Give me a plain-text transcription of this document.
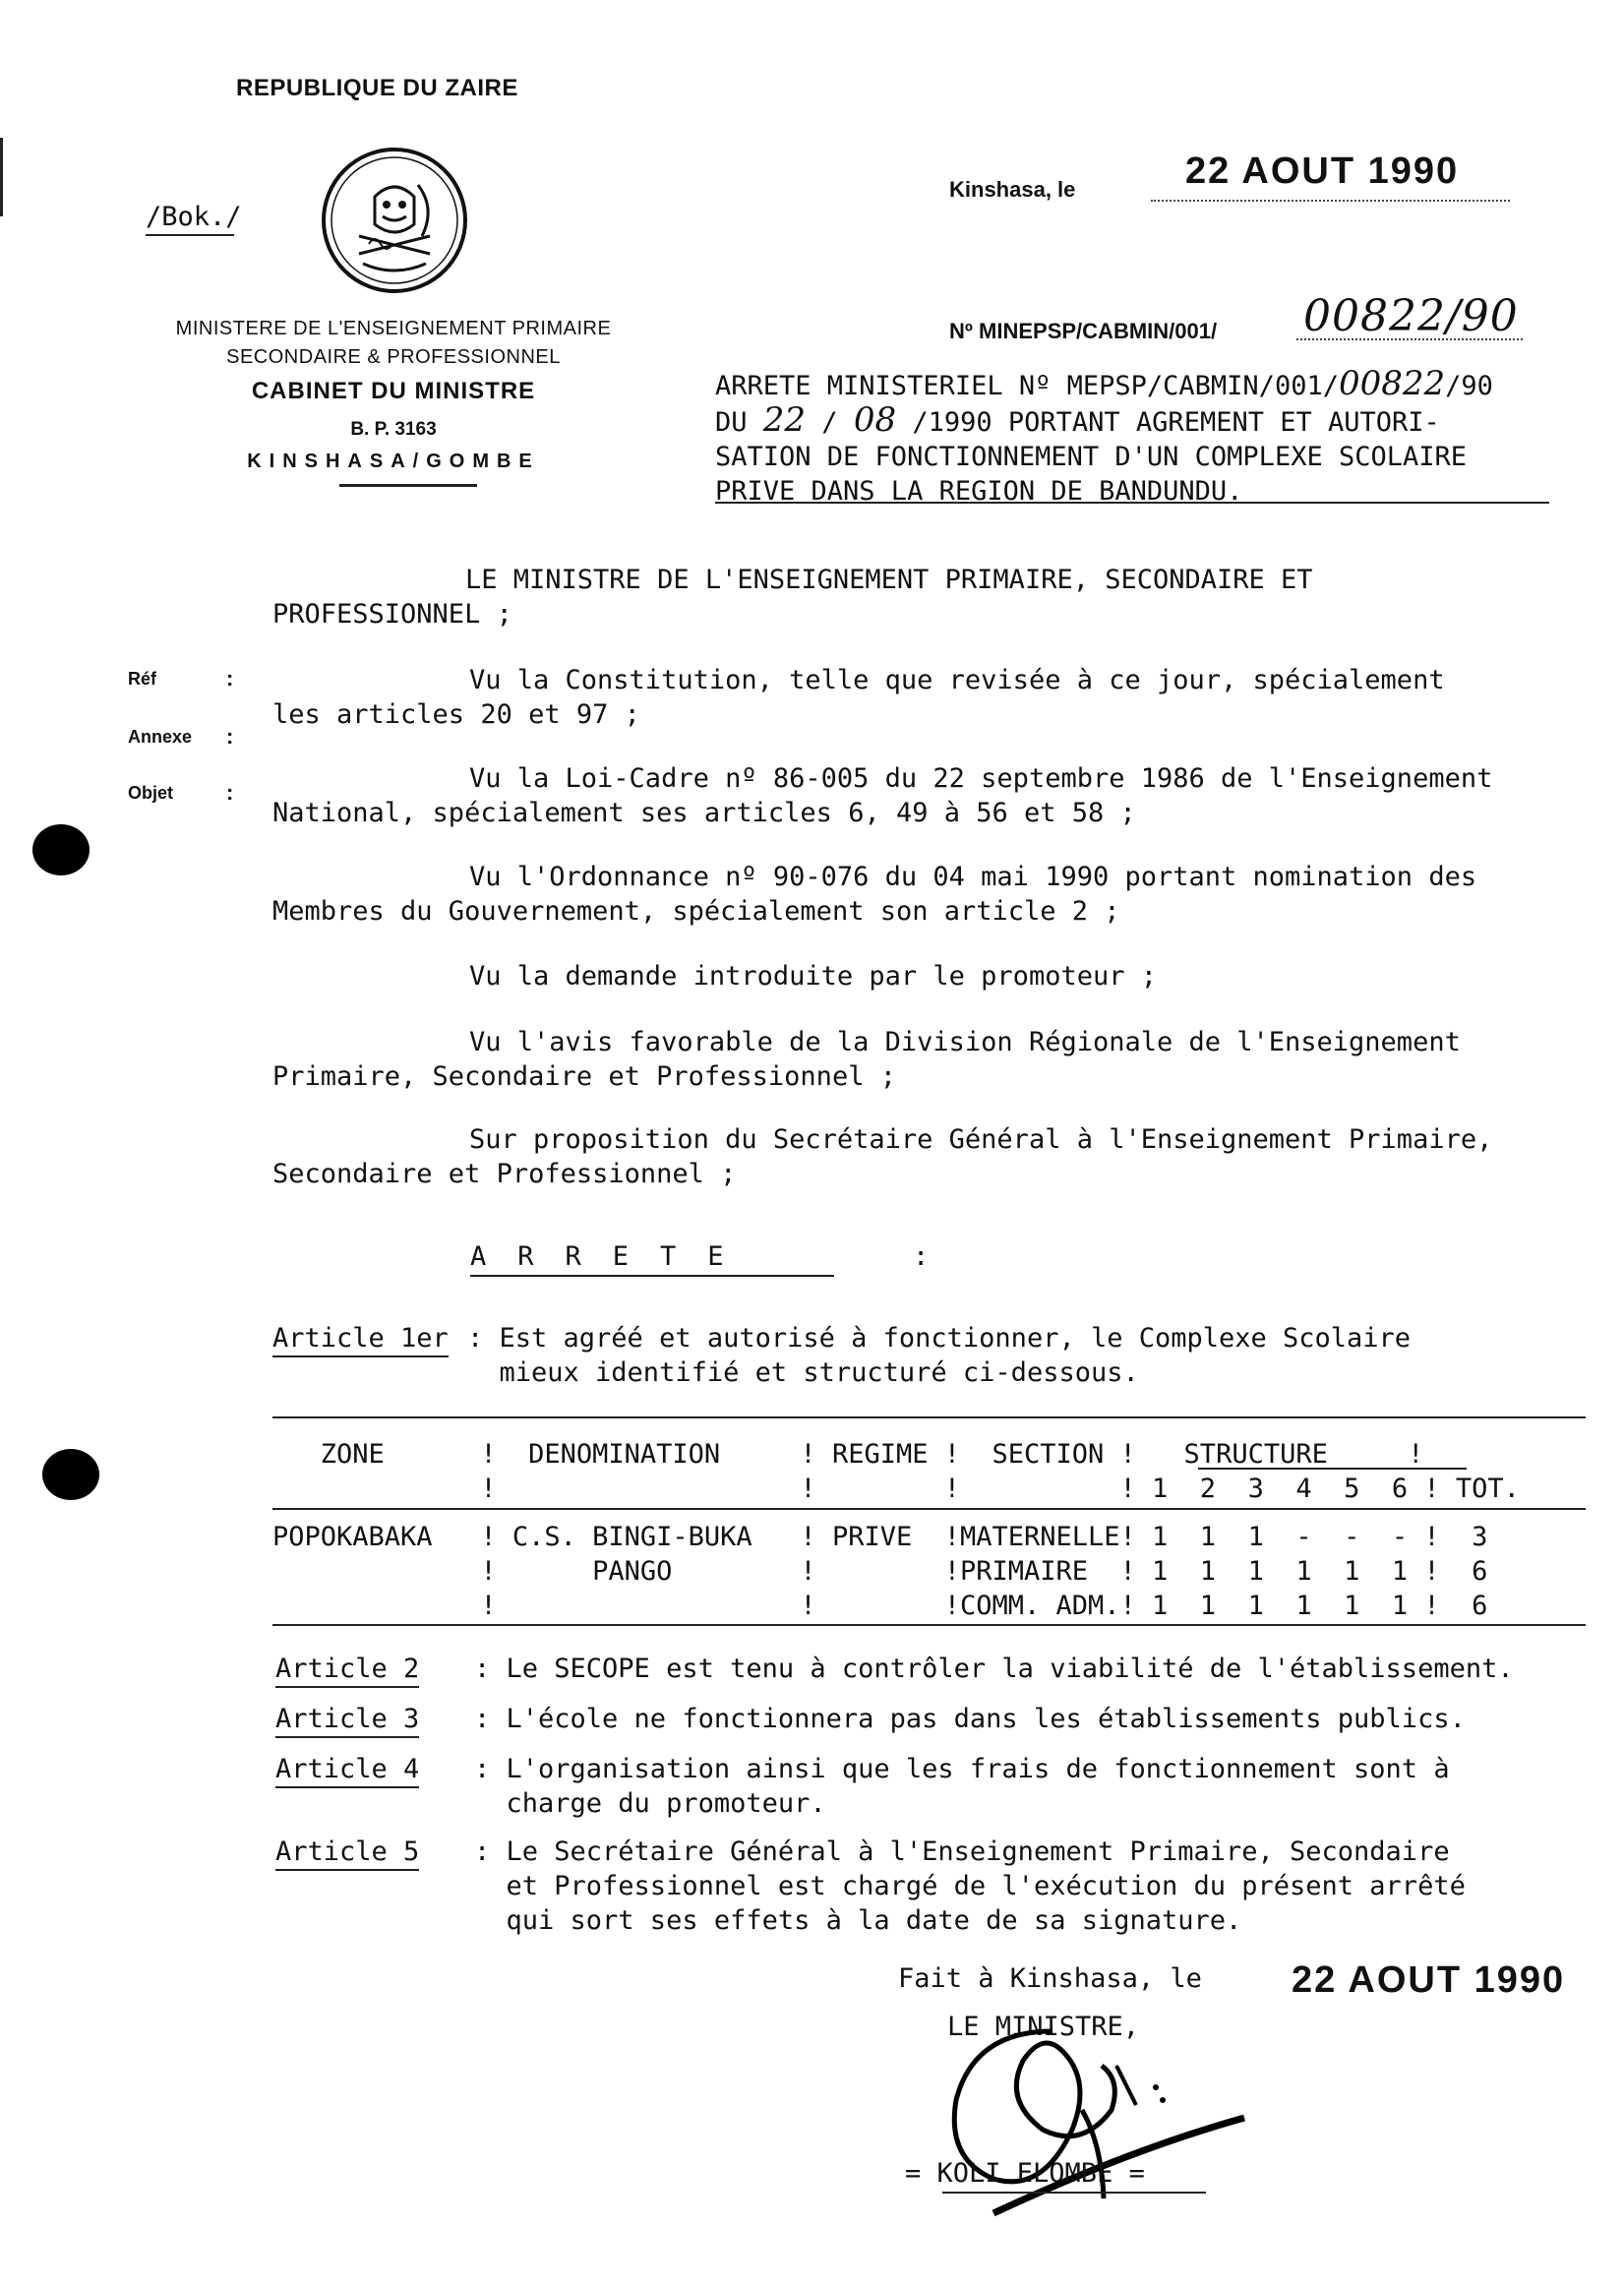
REPUBLIQUE DU ZAIRE
/Bok./
MINISTERE DE L'ENSEIGNEMENT PRIMAIRE
SECONDAIRE & PROFESSIONNEL
CABINET DU MINISTRE
B. P. 3163
KINSHASA/GOMBE
Kinshasa, le	22 AOUT 1990
Nº MINEPSP/CABMIN/001/ 00822/90
ARRETE MINISTERIEL Nº MEPSP/CABMIN/001/00822/90
DU 22 / 08 /1990 PORTANT AGREMENT ET AUTORI-
SATION DE FONCTIONNEMENT D'UN COMPLEXE SCOLAIRE
PRIVE DANS LA REGION DE BANDUNDU.
LE MINISTRE DE L'ENSEIGNEMENT PRIMAIRE, SECONDAIRE ET
PROFESSIONNEL ;
Réf	:
Annexe :
Objet :
Vu la Constitution, telle que revisée à ce jour, spécialement
les articles 20 et 97 ;
Vu la Loi-Cadre nº 86-005 du 22 septembre 1986 de l'Enseignement
National, spécialement ses articles 6, 49 à 56 et 58 ;
Vu l'Ordonnance nº 90-076 du 04 mai 1990 portant nomination des
Membres du Gouvernement, spécialement son article 2 ;
Vu la demande introduite par le promoteur ;
Vu l'avis favorable de la Division Régionale de l'Enseignement
Primaire, Secondaire et Professionnel ;
Sur proposition du Secrétaire Général à l'Enseignement Primaire,
Secondaire et Professionnel ;
ARRETE	:
Article 1er : Est agréé et autorisé à fonctionner, le Complexe Scolaire
mieux identifié et structuré ci-dessous.
ZONE      !  DENOMINATION     ! REGIME !  SECTION !   STRUCTURE     !
!                   !        !          ! 1  2  3  4  5  6 ! TOT.
POPOKABAKA   ! C.S. BINGI-BUKA   ! PRIVE  !MATERNELLE! 1  1  1  -  -  - !  3
!      PANGO        !        !PRIMAIRE  ! 1  1  1  1  1  1 !  6
!                   !        !COMM. ADM.! 1  1  1  1  1  1 !  6
Article 2 : Le SECOPE est tenu à contrôler la viabilité de l'établissement.
Article 3 : L'école ne fonctionnera pas dans les établissements publics.
Article 4 : L'organisation ainsi que les frais de fonctionnement sont à
charge du promoteur.
Article 5 : Le Secrétaire Général à l'Enseignement Primaire, Secondaire
et Professionnel est chargé de l'exécution du présent arrêté
qui sort ses effets à la date de sa signature.
Fait à Kinshasa, le 22 AOUT 1990
LE MINISTRE,
= KOLI ELOMBE =
